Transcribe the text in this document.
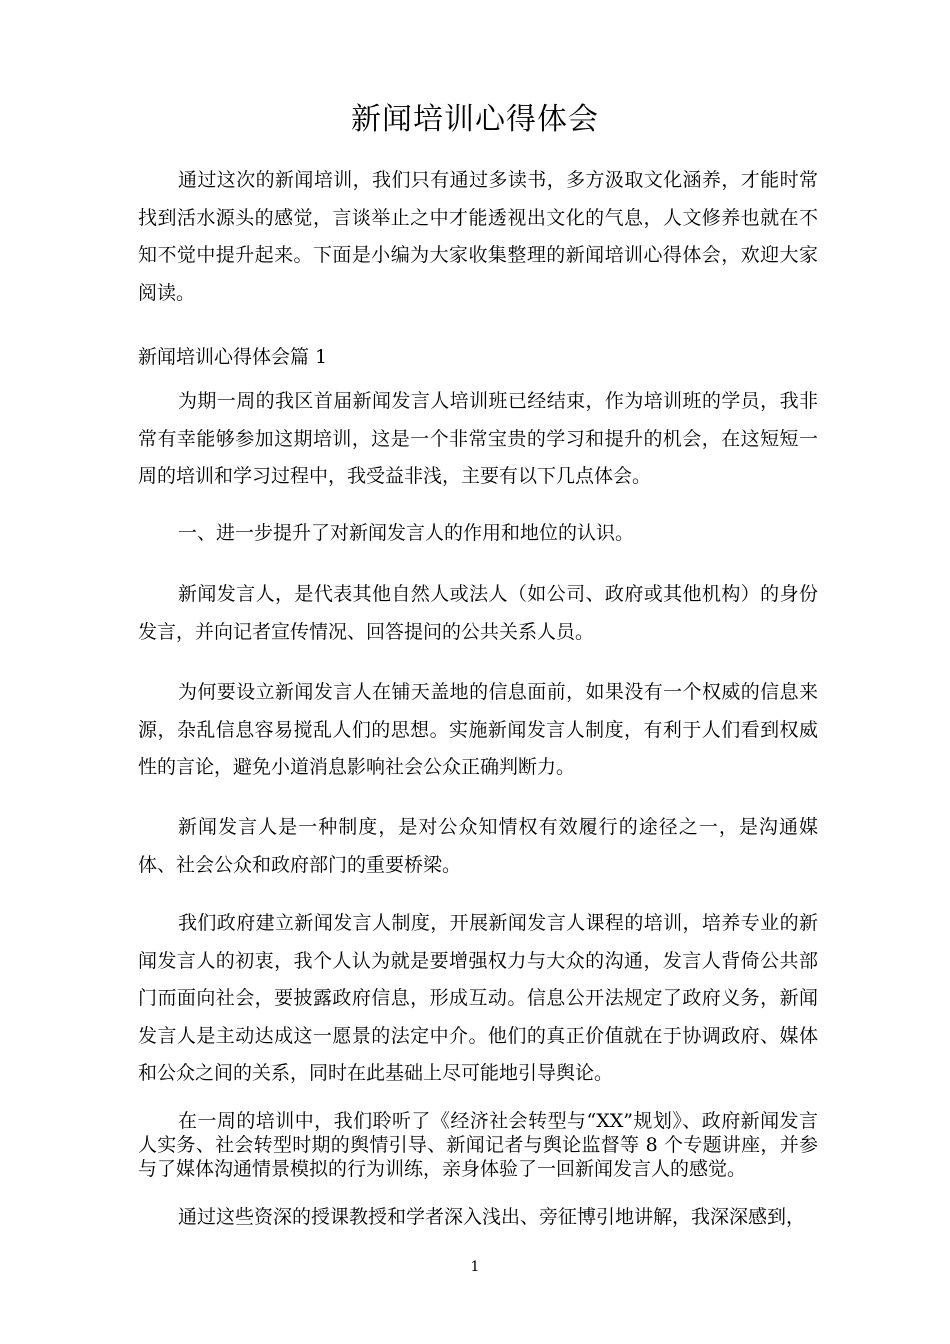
新闻培训心得体会

通过这次的新闻培训，我们只有通过多读书，多方汲取文化涵养，才能时常找到活水源头的感觉，言谈举止之中才能透视出文化的气息，人文修养也就在不知不觉中提升起来。下面是小编为大家收集整理的新闻培训心得体会，欢迎大家阅读。

新闻培训心得体会篇 1

为期一周的我区首届新闻发言人培训班已经结束，作为培训班的学员，我非常有幸能够参加这期培训，这是一个非常宝贵的学习和提升的机会，在这短短一周的培训和学习过程中，我受益非浅，主要有以下几点体会。

一、进一步提升了对新闻发言人的作用和地位的认识。

新闻发言人，是代表其他自然人或法人（如公司、政府或其他机构）的身份发言，并向记者宣传情况、回答提问的公共关系人员。

为何要设立新闻发言人在铺天盖地的信息面前，如果没有一个权威的信息来源，杂乱信息容易搅乱人们的思想。实施新闻发言人制度，有利于人们看到权威性的言论，避免小道消息影响社会公众正确判断力。

新闻发言人是一种制度，是对公众知情权有效履行的途径之一，是沟通媒体、社会公众和政府部门的重要桥梁。

我们政府建立新闻发言人制度，开展新闻发言人课程的培训，培养专业的新闻发言人的初衷，我个人认为就是要增强权力与大众的沟通，发言人背倚公共部门而面向社会，要披露政府信息，形成互动。信息公开法规定了政府义务，新闻发言人是主动达成这一愿景的法定中介。他们的真正价值就在于协调政府、媒体和公众之间的关系，同时在此基础上尽可能地引导舆论。

在一周的培训中，我们聆听了《经济社会转型与“XX”规划》、政府新闻发言人实务、社会转型时期的舆情引导、新闻记者与舆论监督等 8 个专题讲座，并参与了媒体沟通情景模拟的行为训练，亲身体验了一回新闻发言人的感觉。

通过这些资深的授课教授和学者深入浅出、旁征博引地讲解，我深深感到，

1
